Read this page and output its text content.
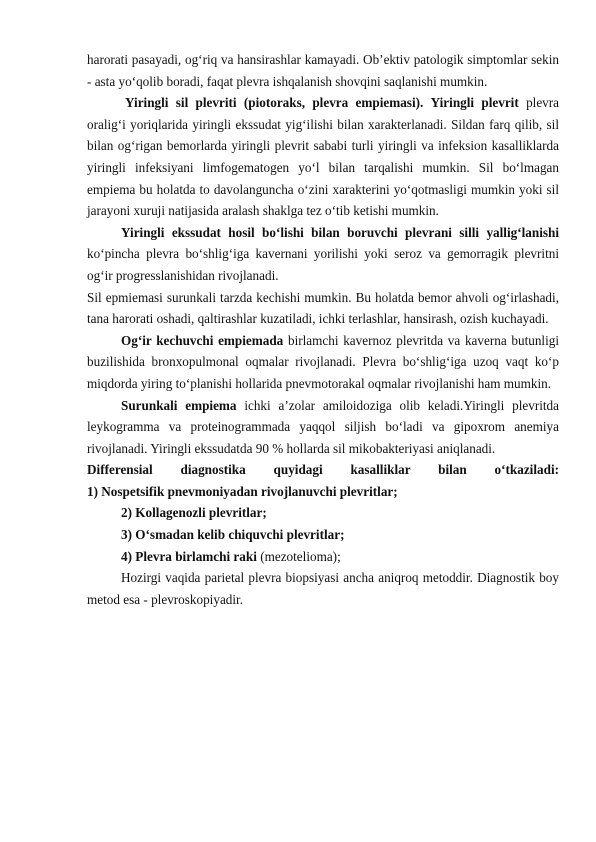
harorati pasayadi, og‘riq va hansirashlar kamayadi. Ob’ektiv patologik simptomlar sekin - asta yo‘qolib boradi, faqat plevra ishqalanish shovqini saqlanishi mumkin.

Yiringli sil plevriti (piotoraks, plevra empiemasi). Yiringli plevrit plevra oralig‘i yoriqlarida yiringli ekssudat yig‘ilishi bilan xarakterlanadi. Sildan farq qilib, sil bilan og‘rigan bemorlarda yiringli plevrit sababi turli yiringli va infeksion kasalliklarda yiringli infeksiyani limfogematogen yo‘l bilan tarqalishi mumkin. Sil bo‘lmagan empiema bu holatda to davolanguncha o‘zini xarakterini yo‘qotmasligi mumkin yoki sil jarayoni xuruji natijasida aralash shaklga tez o‘tib ketishi mumkin.

Yiringli ekssudat hosil bo‘lishi bilan boruvchi plevrani silli yallig‘lanishi ko‘pincha plevra bo‘shlig‘iga kavernani yorilishi yoki seroz va gemorragik plevritni og‘ir progresslanishidan rivojlanadi.

Sil epmiemasi surunkali tarzda kechishi mumkin. Bu holatda bemor ahvoli og‘irlashadi, tana harorati oshadi, qaltirashlar kuzatiladi, ichki terlashlar, hansirash, ozish kuchayadi.

Og‘ir kechuvchi empiemada birlamchi kavernoz plevritda va kaverna butunligi buzilishida bronxopulmonal oqmalar rivojlanadi. Plevra bo‘shlig‘iga uzoq vaqt ko‘p miqdorda yiring to‘planishi hollarida pnevmotorakal oqmalar rivojlanishi ham mumkin.

Surunkali empiema ichki a’zolar amiloidoziga olib keladi.Yiringli plevritda leykogramma va proteinogrammada yaqqol siljish bo‘ladi va gipoxrom anemiya rivojlanadi. Yiringli ekssudatda 90 % hollarda sil mikobakteriyasi aniqlanadi.

Differensial diagnostika quyidagi kasalliklar bilan o‘tkaziladi:

1) Nospetsifik pnevmoniyadan rivojlanuvchi plevritlar;

2) Kollagenozli plevritlar;

3) O‘smadan kelib chiquvchi plevritlar;

4) Plevra birlamchi raki (mezotelioma);

Hozirgi vaqida parietal plevra biopsiyasi ancha aniqroq metoddir. Diagnostik boy metod esa - plevroskopiyadir.
